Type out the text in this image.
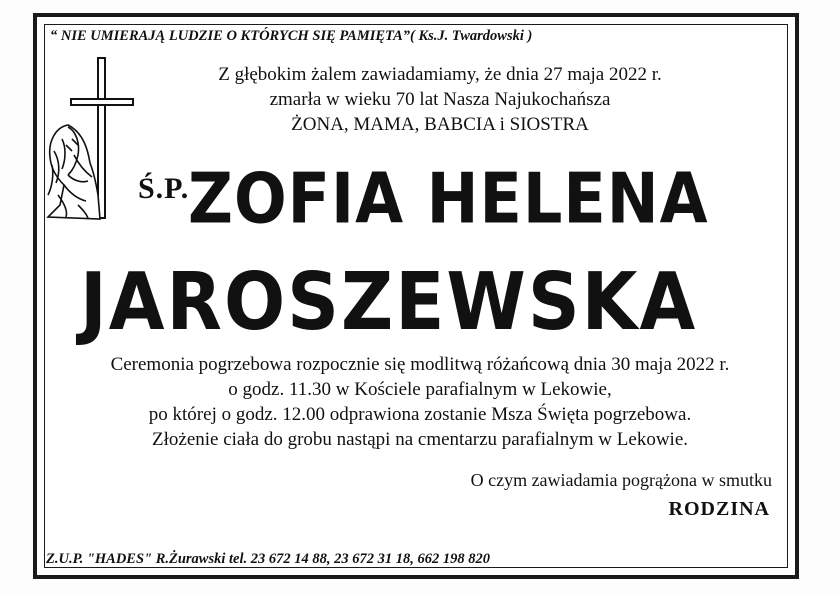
“ NIE UMIERAJĄ LUDZIE O KTÓRYCH SIĘ PAMIĘTA”( Ks.J. Twardowski )
Z głębokim żalem zawiadamiamy, że dnia 27 maja 2022 r.
zmarła w wieku 70 lat Nasza Najukochańsza
ŻONA, MAMA, BABCIA i SIOSTRA
Ś.P.
ZOFIA HELENA
JAROSZEWSKA
Ceremonia pogrzebowa rozpocznie się modlitwą różańcową dnia 30 maja 2022 r.
o godz. 11.30 w Kościele parafialnym w Lekowie,
po której o godz. 12.00 odprawiona zostanie Msza Święta pogrzebowa.
Złożenie ciała do grobu nastąpi na cmentarzu parafialnym w Lekowie.
O czym zawiadamia pogrążona w smutku
RODZINA
Z.U.P. "HADES" R.Żurawski tel. 23 672 14 88, 23 672 31 18, 662 198 820
